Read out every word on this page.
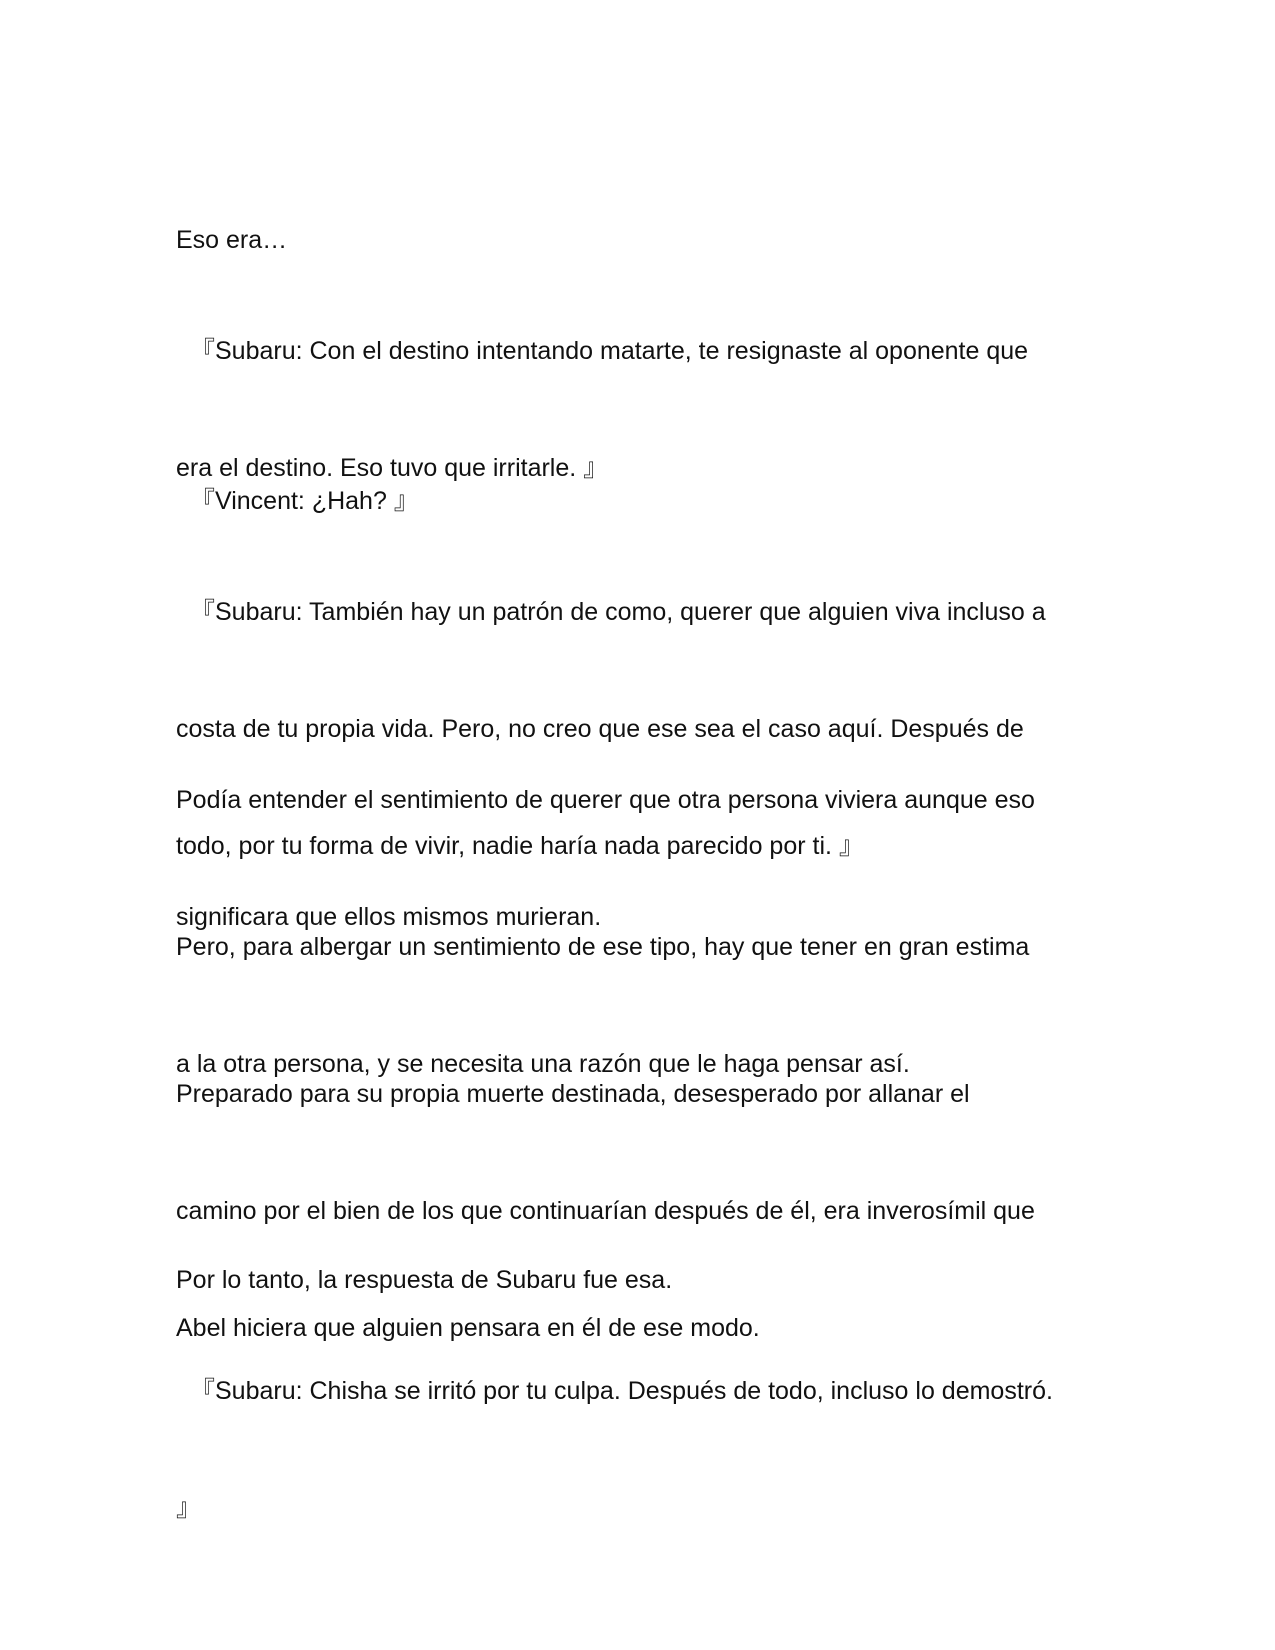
Eso era…

『Subaru: Con el destino intentando matarte, te resignaste al oponente que

era el destino. Eso tuvo que irritarle. 』

『Vincent: ¿Hah? 』

『Subaru: También hay un patrón de como, querer que alguien viva incluso a

costa de tu propia vida. Pero, no creo que ese sea el caso aquí. Después de

todo, por tu forma de vivir, nadie haría nada parecido por ti. 』

Podía entender el sentimiento de querer que otra persona viviera aunque eso

significara que ellos mismos murieran.

Pero, para albergar un sentimiento de ese tipo, hay que tener en gran estima

a la otra persona, y se necesita una razón que le haga pensar así.

Preparado para su propia muerte destinada, desesperado por allanar el

camino por el bien de los que continuarían después de él, era inverosímil que

Abel hiciera que alguien pensara en él de ese modo.

Por lo tanto, la respuesta de Subaru fue esa.

『Subaru: Chisha se irritó por tu culpa. Después de todo, incluso lo demostró.

』
